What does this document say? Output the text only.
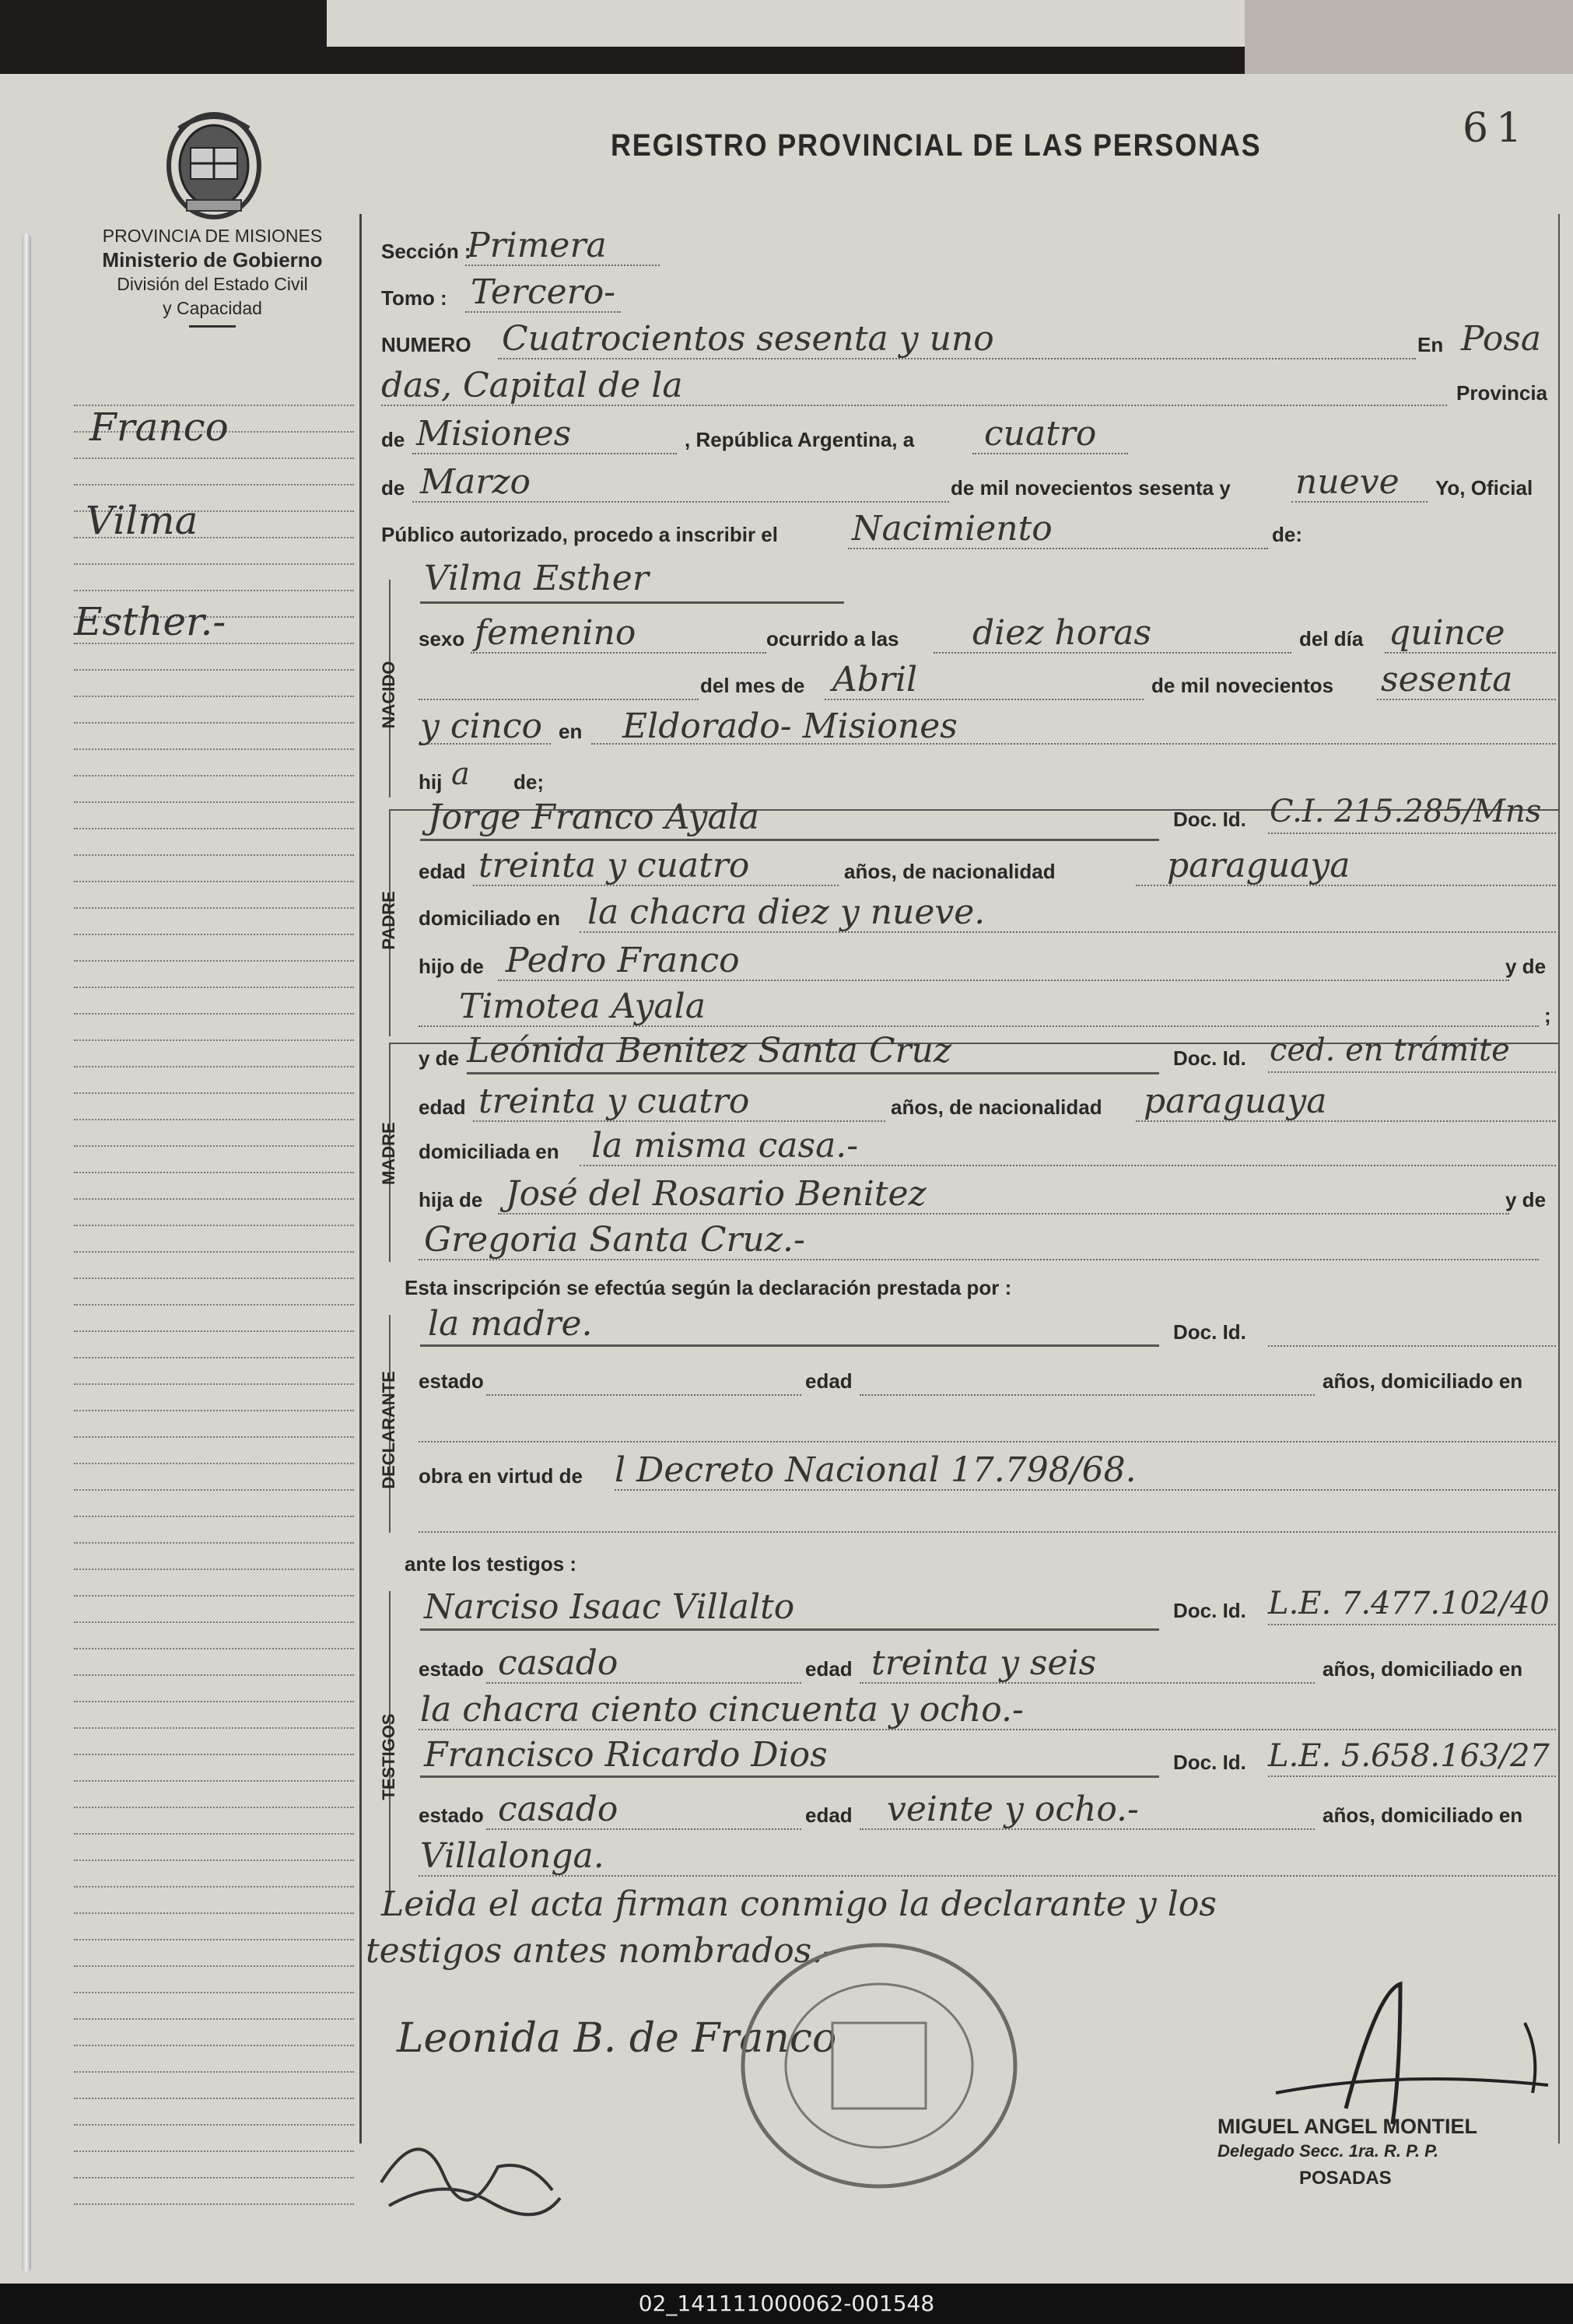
61
REGISTRO PROVINCIAL DE LAS PERSONAS
PROVINCIA DE MISIONES
Ministerio de Gobierno
División del Estado Civil
y Capacidad
Franco
Vilma
Esther.-
Sección :
Primera
Tomo : Tercero-
NUMERO Cuatrocientos sesenta y uno	En Posa
das, Capital de la	Provincia
de Misiones	, República Argentina, a cuatro
de Marzo	de mil novecientos sesenta y nueve Yo, Oficial
Público autorizado, procedo a inscribir el Nacimiento	de:
NACIDO
Vilma Esther
sexo femenino	ocurrido a las diez horas	del día quince
del mes de Abril	de mil novecientos sesenta
y cinco en Eldorado- Misiones
hij a de;
PADRE
Jorge Franco Ayala	Doc. Id. C.I. 215.285/Mns
edad treinta y cuatro	años, de nacionalidad	paraguaya
domiciliado en la chacra diez y nueve.
hijo de Pedro Franco	y de
Timotea Ayala	;
MADRE
y de Leónida Benitez Santa Cruz	Doc. Id. ced. en trámite
edad treinta y cuatro	años, de nacionalidad paraguaya
domiciliada en la misma casa.-
hija de José del Rosario Benitez	y de
Gregoria Santa Cruz.-
Esta inscripción se efectúa según la declaración prestada por :
DECLARANTE
la madre.	Doc. Id.
estado	edad	años, domiciliado en
obra en virtud de l Decreto Nacional 17.798/68.
ante los testigos :
TESTIGOS
Narciso Isaac Villalto	Doc. Id. L.E. 7.477.102/40
estado casado	edad treinta y seis	años, domiciliado en
la chacra ciento cincuenta y ocho.-
Francisco Ricardo Dios	Doc. Id. L.E. 5.658.163/27
estado casado	edad veinte y ocho.-	años, domiciliado en
Villalonga.
Leida el acta firman conmigo la declarante y los
testigos antes nombrados.-
Leonida B. de Franco
MIGUEL ANGEL MONTIEL
Delegado Secc. 1ra. R. P. P.
POSADAS
02_141111000062-001548
